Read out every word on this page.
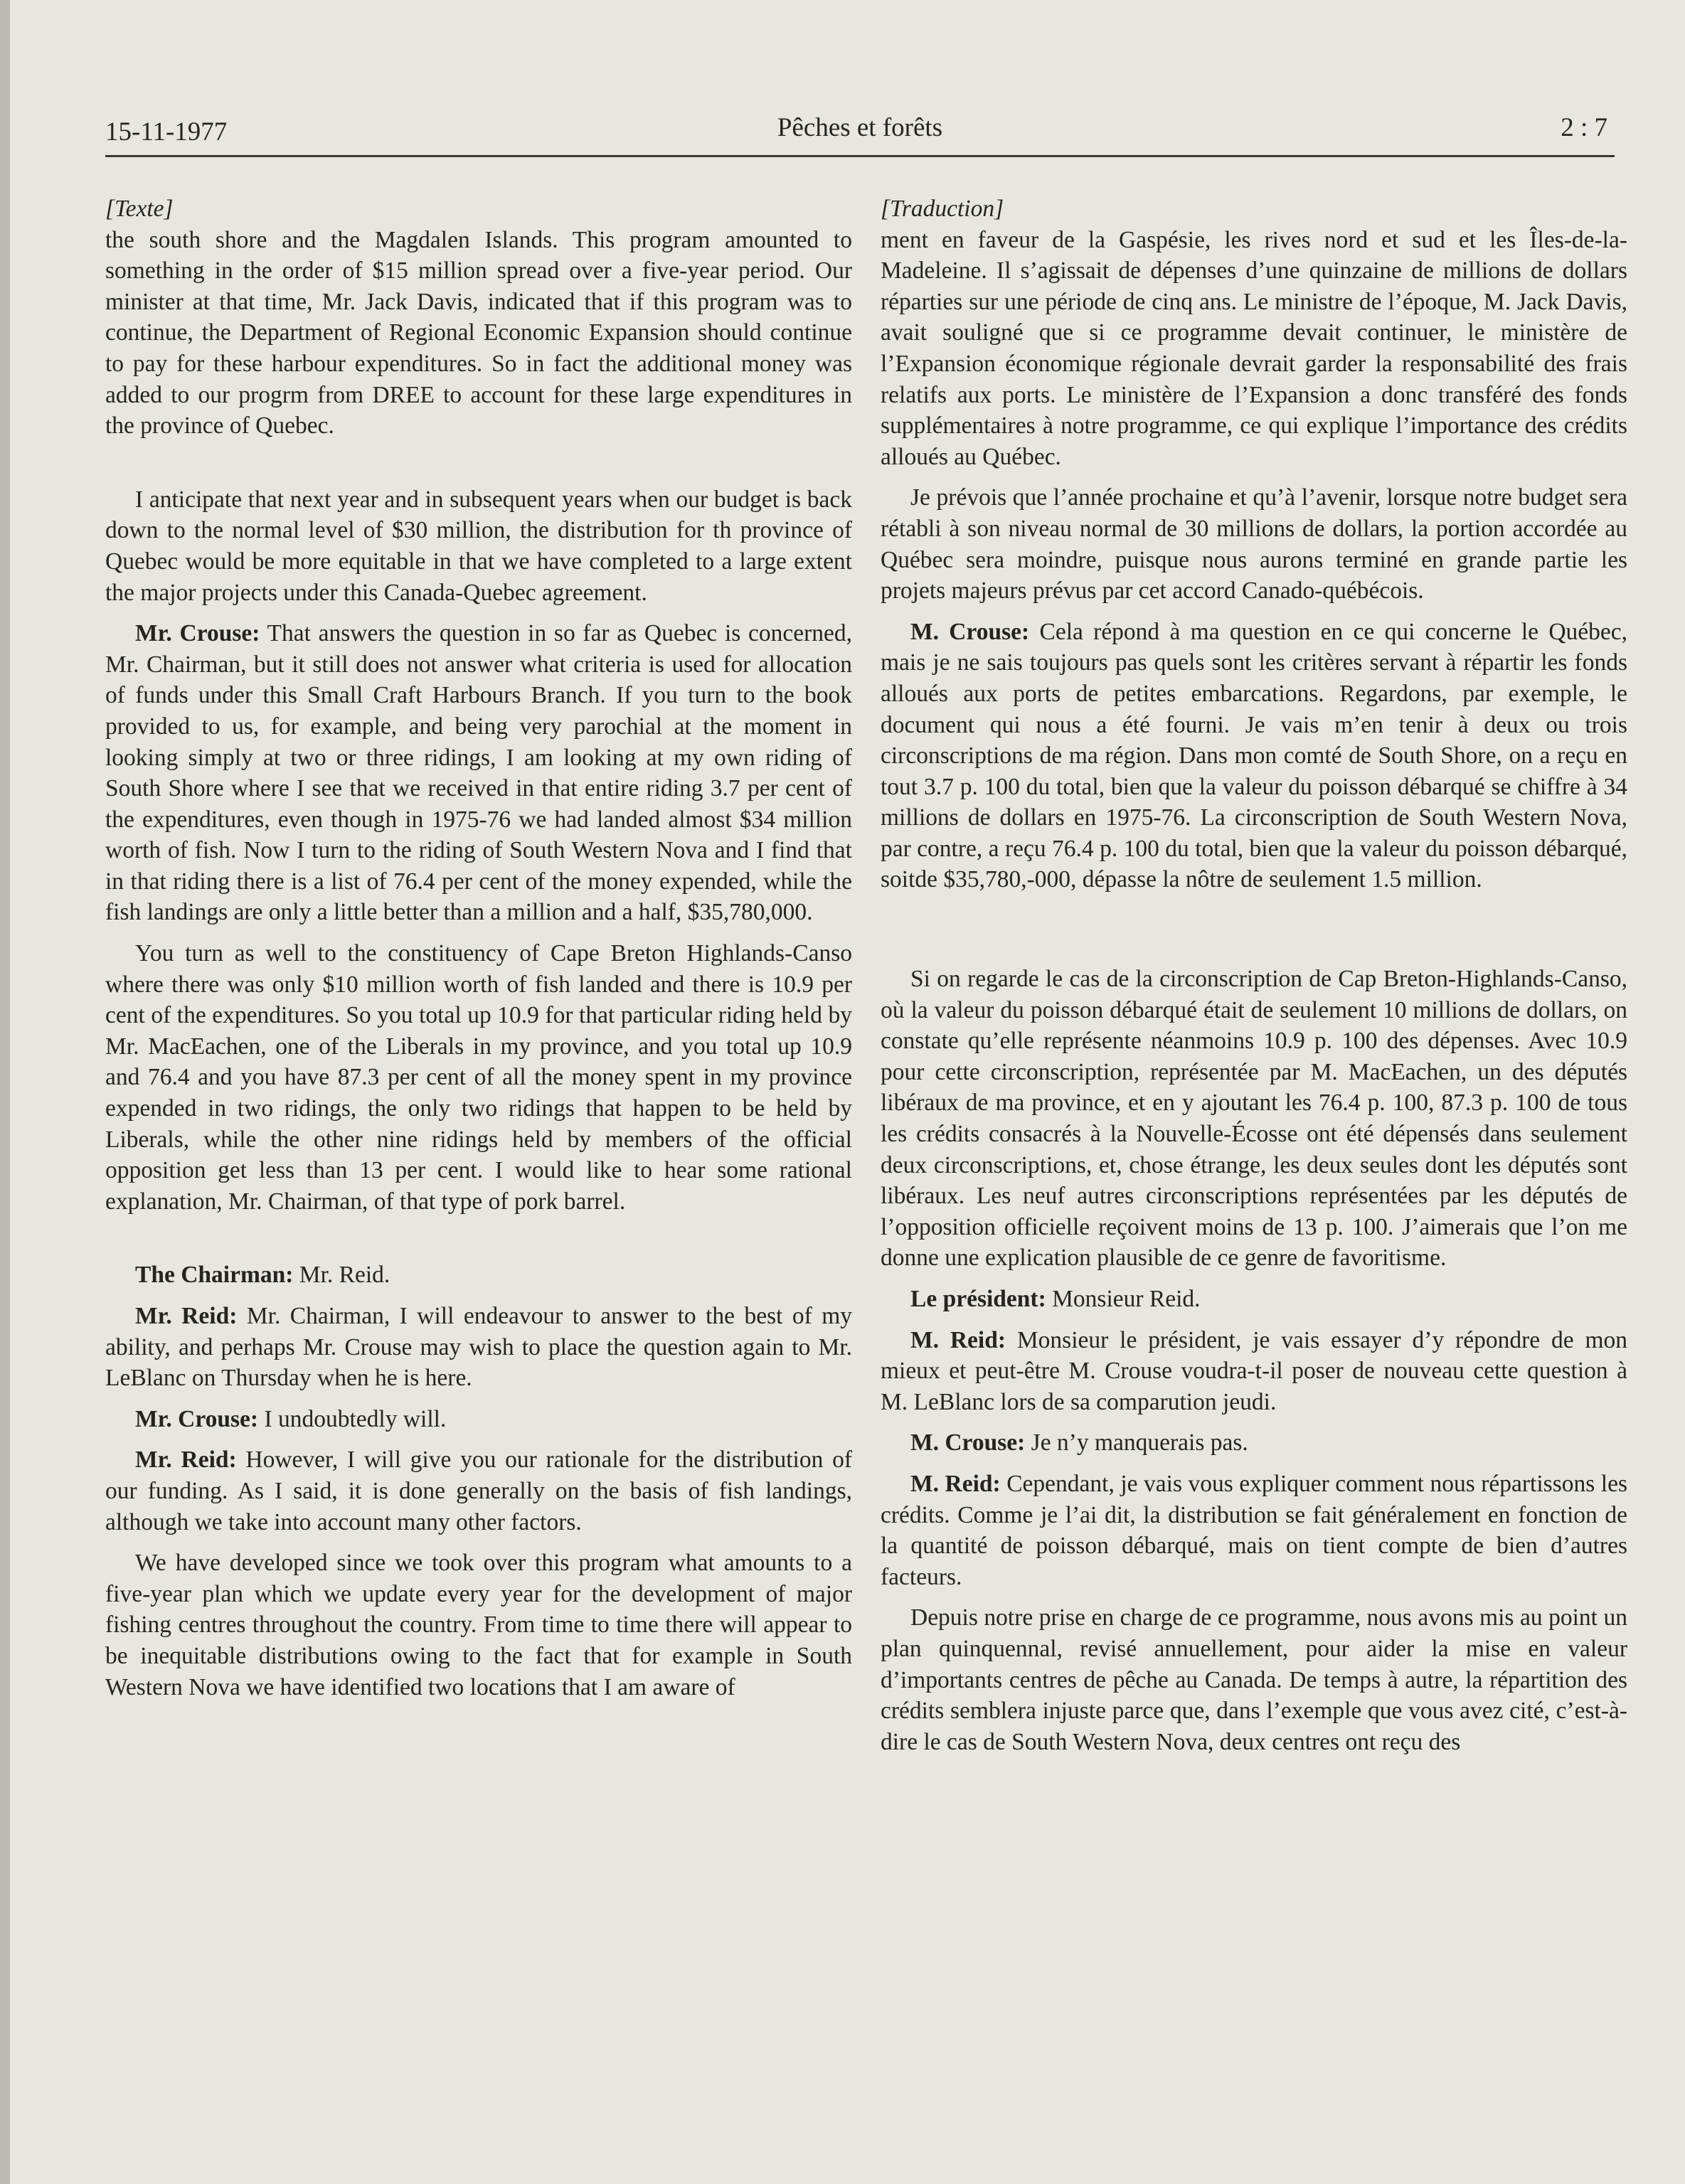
Pêches et forêts
15-11-1977	2 : 7
[Texte]

the south shore and the Magdalen Islands. This program amounted to something in the order of $15 million spread over a five-year period. Our minister at that time, Mr. Jack Davis, indicated that if this program was to continue, the Department of Regional Economic Expansion should continue to pay for these harbour expenditures. So in fact the additional money was added to our progrm from DREE to account for these large expenditures in the province of Quebec.

I anticipate that next year and in subsequent years when our budget is back down to the normal level of $30 million, the distribution for th province of Quebec would be more equitable in that we have completed to a large extent the major projects under this Canada-Quebec agreement.

Mr. Crouse: That answers the question in so far as Quebec is concerned, Mr. Chairman, but it still does not answer what criteria is used for allocation of funds under this Small Craft Harbours Branch. If you turn to the book provided to us, for example, and being very parochial at the moment in looking simply at two or three ridings, I am looking at my own riding of South Shore where I see that we received in that entire riding 3.7 per cent of the expenditures, even though in 1975-76 we had landed almost $34 million worth of fish. Now I turn to the riding of South Western Nova and I find that in that riding there is a list of 76.4 per cent of the money expended, while the fish landings are only a little better than a million and a half, $35,780,000.

You turn as well to the constituency of Cape Breton Highlands-Canso where there was only $10 million worth of fish landed and there is 10.9 per cent of the expenditures. So you total up 10.9 for that particular riding held by Mr. MacEachen, one of the Liberals in my province, and you total up 10.9 and 76.4 and you have 87.3 per cent of all the money spent in my province expended in two ridings, the only two ridings that happen to be held by Liberals, while the other nine ridings held by members of the official opposition get less than 13 per cent. I would like to hear some rational explanation, Mr. Chairman, of that type of pork barrel.

The Chairman: Mr. Reid.

Mr. Reid: Mr. Chairman, I will endeavour to answer to the best of my ability, and perhaps Mr. Crouse may wish to place the question again to Mr. LeBlanc on Thursday when he is here.

Mr. Crouse: I undoubtedly will.

Mr. Reid: However, I will give you our rationale for the distribution of our funding. As I said, it is done generally on the basis of fish landings, although we take into account many other factors.

We have developed since we took over this program what amounts to a five-year plan which we update every year for the development of major fishing centres throughout the country. From time to time there will appear to be inequitable distributions owing to the fact that for example in South Western Nova we have identified two locations that I am aware of

[Traduction]

ment en faveur de la Gaspésie, les rives nord et sud et les Îles-de-la-Madeleine. Il s’agissait de dépenses d’une quinzaine de millions de dollars réparties sur une période de cinq ans. Le ministre de l’époque, M. Jack Davis, avait souligné que si ce programme devait continuer, le ministère de l’Expansion économique régionale devrait garder la responsabilité des frais relatifs aux ports. Le ministère de l’Expansion a donc transféré des fonds supplémentaires à notre programme, ce qui explique l’importance des crédits alloués au Québec.

Je prévois que l’année prochaine et qu’à l’avenir, lorsque notre budget sera rétabli à son niveau normal de 30 millions de dollars, la portion accordée au Québec sera moindre, puisque nous aurons terminé en grande partie les projets majeurs prévus par cet accord Canado-québécois.

M. Crouse: Cela répond à ma question en ce qui concerne le Québec, mais je ne sais toujours pas quels sont les critères servant à répartir les fonds alloués aux ports de petites embarcations. Regardons, par exemple, le document qui nous a été fourni. Je vais m’en tenir à deux ou trois circonscriptions de ma région. Dans mon comté de South Shore, on a reçu en tout 3.7 p. 100 du total, bien que la valeur du poisson débarqué se chiffre à 34 millions de dollars en 1975-76. La circonscription de South Western Nova, par contre, a reçu 76.4 p. 100 du total, bien que la valeur du poisson débarqué, soitde $35,780,-000, dépasse la nôtre de seulement 1.5 million.

Si on regarde le cas de la circonscription de Cap Breton-Highlands-Canso, où la valeur du poisson débarqué était de seulement 10 millions de dollars, on constate qu’elle représente néanmoins 10.9 p. 100 des dépenses. Avec 10.9 pour cette circonscription, représentée par M. MacEachen, un des députés libéraux de ma province, et en y ajoutant les 76.4 p. 100, 87.3 p. 100 de tous les crédits consacrés à la Nouvelle-Écosse ont été dépensés dans seulement deux circonscriptions, et, chose étrange, les deux seules dont les députés sont libéraux. Les neuf autres circonscriptions représentées par les députés de l’opposition officielle reçoivent moins de 13 p. 100. J’aimerais que l’on me donne une explication plausible de ce genre de favoritisme.

Le président: Monsieur Reid.

M. Reid: Monsieur le président, je vais essayer d’y répondre de mon mieux et peut-être M. Crouse voudra-t-il poser de nouveau cette question à M. LeBlanc lors de sa comparution jeudi.

M. Crouse: Je n’y manquerais pas.

M. Reid: Cependant, je vais vous expliquer comment nous répartissons les crédits. Comme je l’ai dit, la distribution se fait généralement en fonction de la quantité de poisson débarqué, mais on tient compte de bien d’autres facteurs.

Depuis notre prise en charge de ce programme, nous avons mis au point un plan quinquennal, revisé annuellement, pour aider la mise en valeur d’importants centres de pêche au Canada. De temps à autre, la répartition des crédits semblera injuste parce que, dans l’exemple que vous avez cité, c’est-à-dire le cas de South Western Nova, deux centres ont reçu des
